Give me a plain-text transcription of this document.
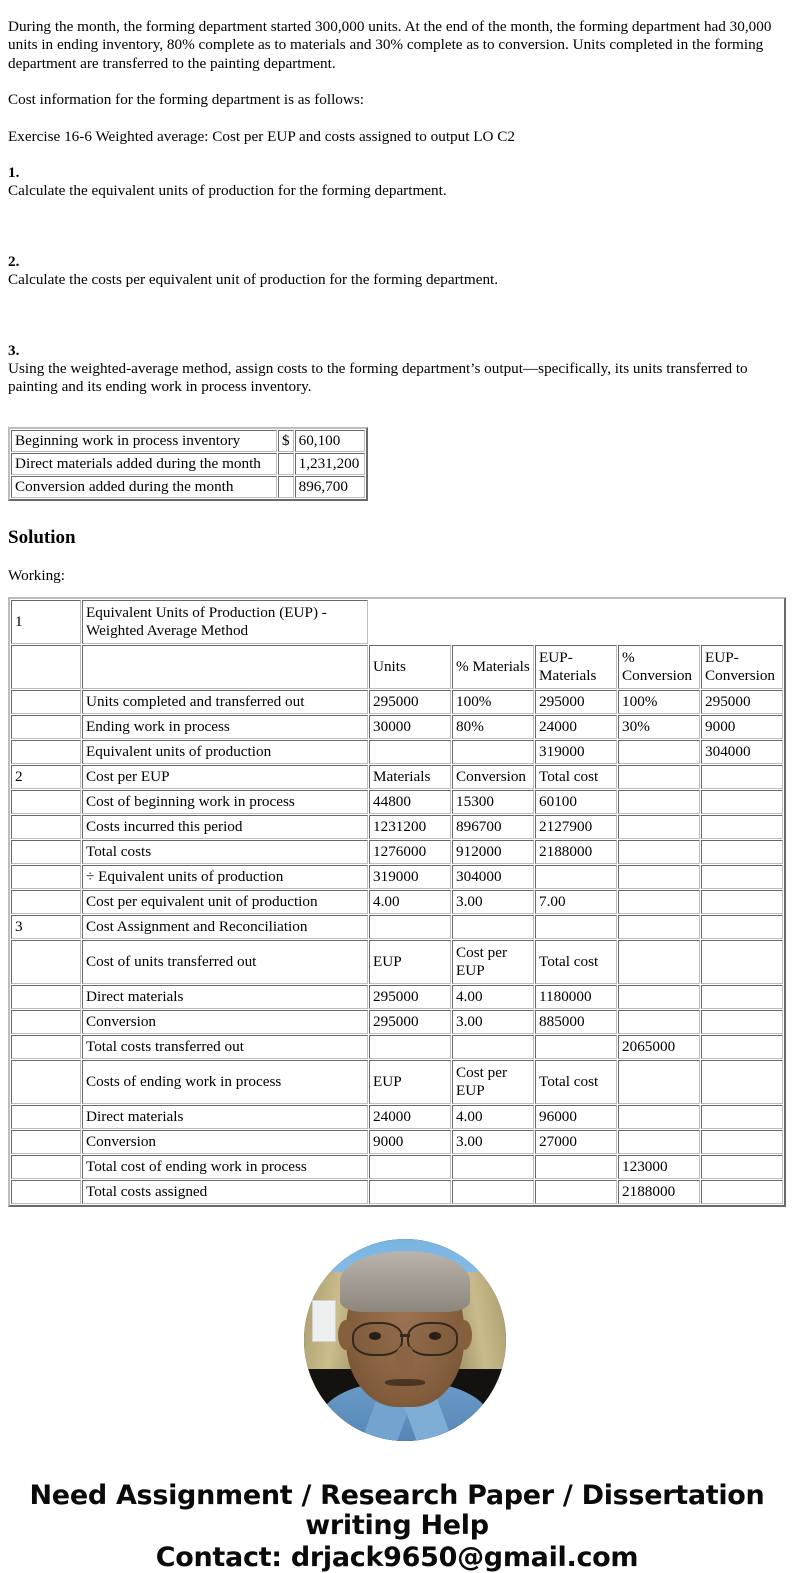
During the month, the forming department started 300,000 units. At the end of the month, the forming department had 30,000 units in ending inventory, 80% complete as to materials and 30% complete as to conversion. Units completed in the forming department are transferred to the painting department.

Cost information for the forming department is as follows:

Exercise 16-6 Weighted average: Cost per EUP and costs assigned to output LO C2

1.

Calculate the equivalent units of production for the forming department.

2.

Calculate the costs per equivalent unit of production for the forming department.

3.

Using the weighted-average method, assign costs to the forming department’s output—specifically, its units transferred to painting and its ending work in process inventory.

Beginning work in process inventory	$	60,100
Direct materials added during the month		1,231,200
Conversion added during the month		896,700
Solution

Working:

1	Equivalent Units of Production (EUP) - Weighted Average Method					
		Units	% Materials	EUP-Materials	% Conversion	EUP-Conversion
	Units completed and transferred out	295000	100%	295000	100%	295000
	Ending work in process	30000	80%	24000	30%	9000
	Equivalent units of production			319000		304000
2	Cost per EUP	Materials	Conversion	Total cost		
	Cost of beginning work in process	44800	15300	60100		
	Costs incurred this period	1231200	896700	2127900		
	Total costs	1276000	912000	2188000		
	÷ Equivalent units of production	319000	304000			
	Cost per equivalent unit of production	4.00	3.00	7.00		
3	Cost Assignment and Reconciliation					
	Cost of units transferred out	EUP	Cost per EUP	Total cost		
	Direct materials	295000	4.00	1180000		
	Conversion	295000	3.00	885000		
	Total costs transferred out				2065000	
	Costs of ending work in process	EUP	Cost per EUP	Total cost		
	Direct materials	24000	4.00	96000		
	Conversion	9000	3.00	27000		
	Total cost of ending work in process				123000	
	Total costs assigned				2188000	
Need Assignment / Research Paper / Dissertation
writing Help
Contact: drjack9650@gmail.com
